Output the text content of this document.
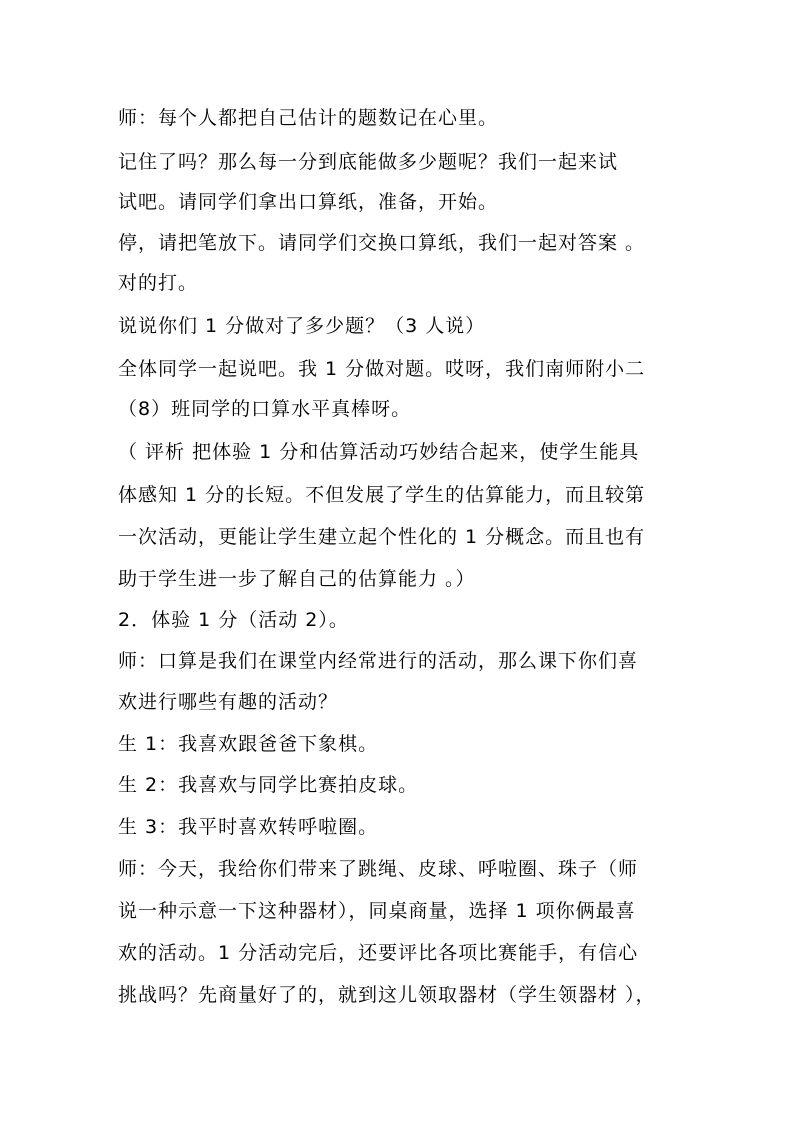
师：每个人都把自己估计的题数记在心里。
记住了吗？那么每一分到底能做多少题呢？我们一起来试
试吧。请同学们拿出口算纸，准备，开始。
停，请把笔放下。请同学们交换口算纸，我们一起对答案 。
对的打。
说说你们 1 分做对了多少题？（3 人说）
全体同学一起说吧。我 1 分做对题。哎呀，我们南师附小二
（8）班同学的口算水平真棒呀。
（ 评析 把体验 1 分和估算活动巧妙结合起来，使学生能具
体感知 1 分的长短。不但发展了学生的估算能力，而且较第
一次活动，更能让学生建立起个性化的 1 分概念。而且也有
助于学生进一步了解自己的估算能力 。）
2．体验 1 分（活动 2）。
师：口算是我们在课堂内经常进行的活动，那么课下你们喜
欢进行哪些有趣的活动？
生 1：我喜欢跟爸爸下象棋。
生 2：我喜欢与同学比赛拍皮球。
生 3：我平时喜欢转呼啦圈。
师：今天，我给你们带来了跳绳、皮球、呼啦圈、珠子（师
说一种示意一下这种器材），同桌商量，选择 1 项你俩最喜
欢的活动。1 分活动完后，还要评比各项比赛能手，有信心
挑战吗？先商量好了的，就到这儿领取器材（学生领器材 ），
